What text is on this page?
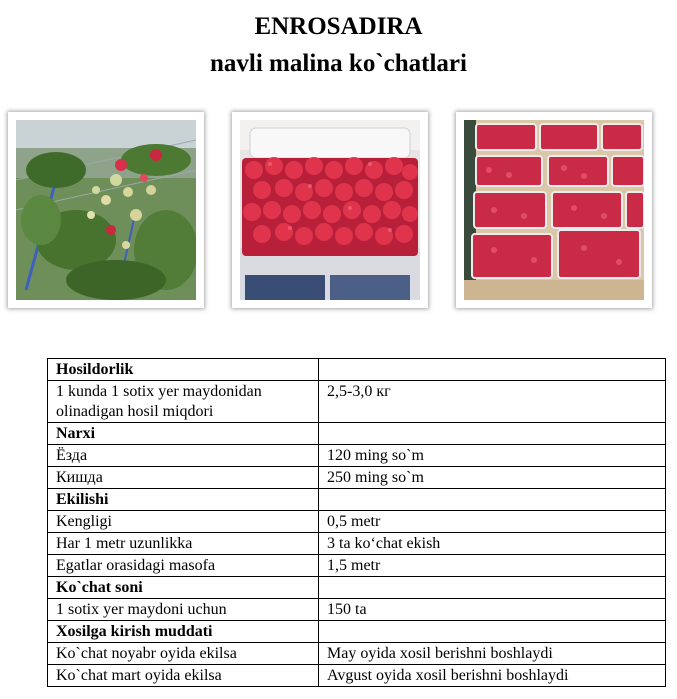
ENROSADIRA
navli malina ko`chatlari
Hosildorlik	
1 kunda 1 sotix yer maydonidan olinadigan hosil miqdori	2,5-3,0 кг
Narxi	
Ёзда	120 ming so`m
Кишда	250 ming so`m
Ekilishi	
Kengligi	0,5 metr
Har 1 metr uzunlikka	3 ta ko‘chat ekish
Egatlar orasidagi masofa	1,5 metr
Ko`chat soni	
1 sotix yer maydoni uchun	150 ta
Xosilga kirish muddati	
Ko`chat noyabr oyida ekilsa	May oyida xosil berishni boshlaydi
Ko`chat mart oyida ekilsa	Avgust oyida xosil berishni boshlaydi
